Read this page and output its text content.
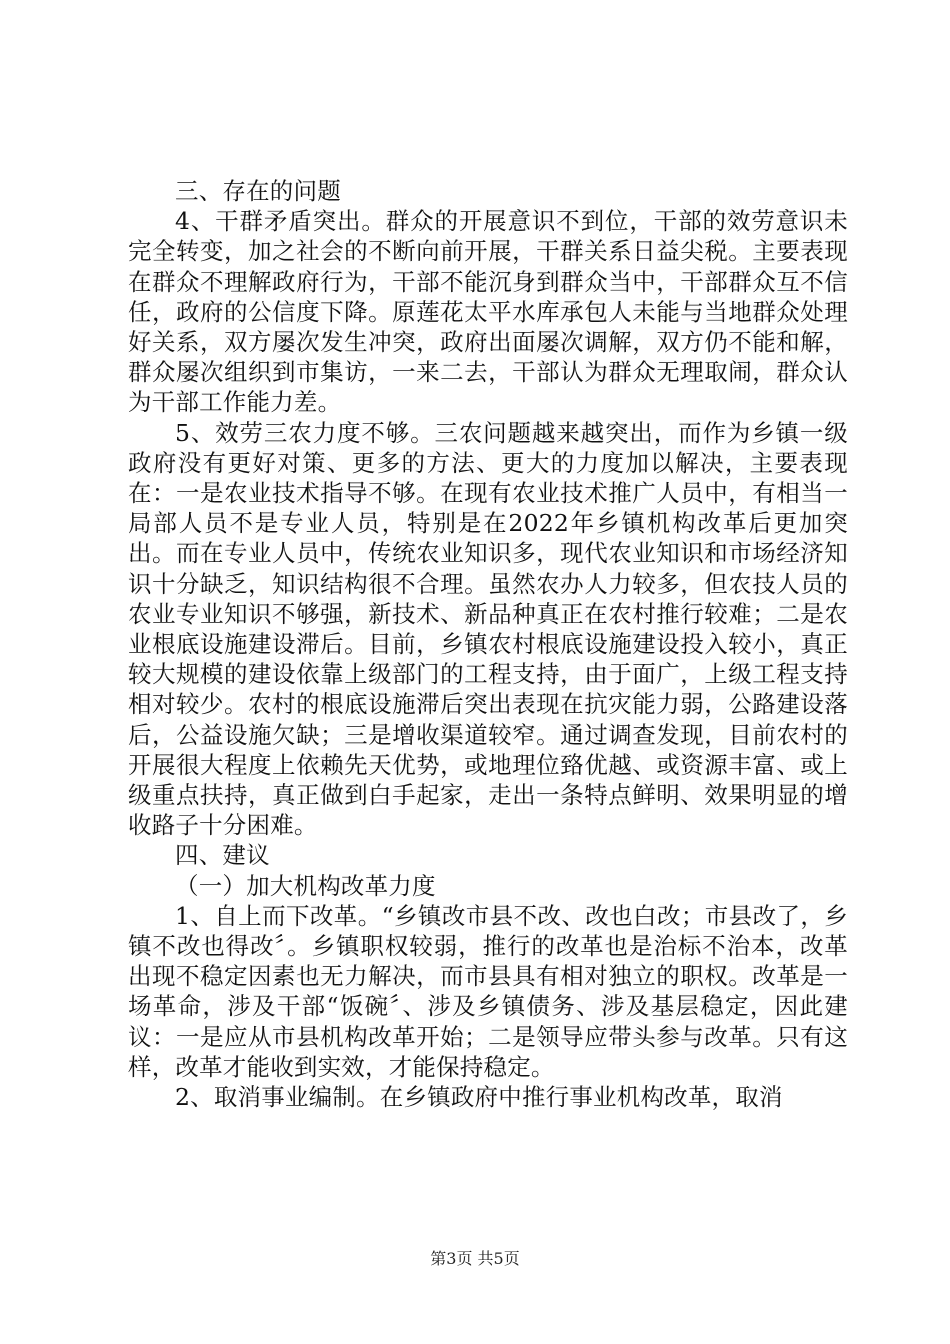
三、存在的问题

4、干群矛盾突出。群众的开展意识不到位，干部的效劳意识未完全转变，加之社会的不断向前开展，干群关系日益尖税。主要表现在群众不理解政府行为，干部不能沉身到群众当中，干部群众互不信任，政府的公信度下降。原莲花太平水库承包人未能与当地群众处理好关系，双方屡次发生冲突，政府出面屡次调解，双方仍不能和解，群众屡次组织到市集访，一来二去，干部认为群众无理取闹，群众认为干部工作能力差。

5、效劳三农力度不够。三农问题越来越突出，而作为乡镇一级政府没有更好对策、更多的方法、更大的力度加以解决，主要表现在：一是农业技术指导不够。在现有农业技术推广人员中，有相当一局部人员不是专业人员，特别是在2022年乡镇机构改革后更加突出。而在专业人员中，传统农业知识多，现代农业知识和市场经济知识十分缺乏，知识结构很不合理。虽然农办人力较多，但农技人员的农业专业知识不够强，新技术、新品种真正在农村推行较难；二是农业根底设施建设滞后。目前，乡镇农村根底设施建设投入较小，真正较大规模的建设依靠上级部门的工程支持，由于面广，上级工程支持相对较少。农村的根底设施滞后突出表现在抗灾能力弱，公路建设落后，公益设施欠缺；三是增收渠道较窄。通过调查发现，目前农村的开展很大程度上依赖先天优势，或地理位臵优越、或资源丰富、或上级重点扶持，真正做到白手起家，走出一条特点鲜明、效果明显的增收路子十分困难。

四、建议

（一）加大机构改革力度

1、自上而下改革。“乡镇改市县不改、改也白改；市县改了，乡镇不改也得改〞。乡镇职权较弱，推行的改革也是治标不治本，改革出现不稳定因素也无力解决，而市县具有相对独立的职权。改革是一场革命，涉及干部“饭碗〞、涉及乡镇债务、涉及基层稳定，因此建议：一是应从市县机构改革开始；二是领导应带头参与改革。只有这样，改革才能收到实效，才能保持稳定。

2、取消事业编制。在乡镇政府中推行事业机构改革，取消

第3页 共5页
